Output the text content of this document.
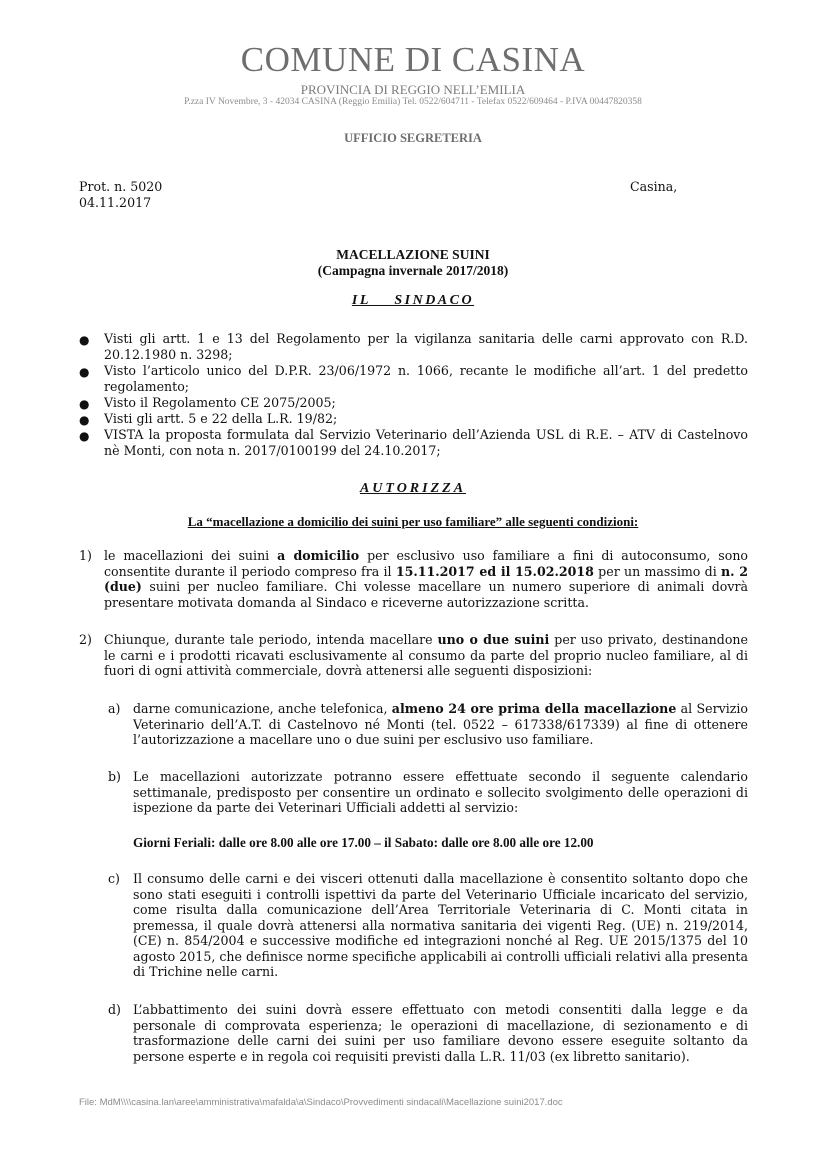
COMUNE DI CASINA
PROVINCIA DI REGGIO NELL’EMILIA
P.zza IV Novembre, 3 - 42034 CASINA (Reggio Emilia) Tel. 0522/604711 - Telefax 0522/609464 - P.IVA 00447820358
UFFICIO SEGRETERIA
Prot. n. 5020
04.11.2017
Casina,
MACELLAZIONE SUINI
(Campagna invernale 2017/2018)
IL    SINDACO
● Visti gli artt. 1 e 13 del Regolamento per la vigilanza sanitaria delle carni approvato con R.D. 20.12.1980 n. 3298;
● Visto l’articolo unico del D.P.R. 23/06/1972 n. 1066, recante le modifiche all’art. 1 del predetto regolamento;
● Visto il Regolamento CE 2075/2005;
● Visti gli artt. 5 e 22 della L.R. 19/82;
● VISTA la proposta formulata dal Servizio Veterinario dell’Azienda USL di R.E. – ATV di Castelnovo nè Monti, con nota n. 2017/0100199 del 24.10.2017;
AUTORIZZA
La “macellazione a domicilio dei suini per uso familiare” alle seguenti condizioni:
1) le macellazioni dei suini a domicilio per esclusivo uso familiare a fini di autoconsumo, sono consentite durante il periodo compreso fra il 15.11.2017 ed il 15.02.2018 per un massimo di n. 2 (due) suini per nucleo familiare. Chi volesse macellare un numero superiore di animali dovrà presentare motivata domanda al Sindaco e riceverne autorizzazione scritta.
2) Chiunque, durante tale periodo, intenda macellare uno o due suini per uso privato, destinandone le carni e i prodotti ricavati esclusivamente al consumo da parte del proprio nucleo familiare, al di fuori di ogni attività commerciale, dovrà attenersi alle seguenti disposizioni:
a) darne comunicazione, anche telefonica, almeno 24 ore prima della macellazione al Servizio Veterinario dell’A.T. di Castelnovo né Monti (tel. 0522 – 617338/617339) al fine di ottenere l’autorizzazione a macellare uno o due suini per esclusivo uso familiare.
b) Le macellazioni autorizzate potranno essere effettuate secondo il seguente calendario settimanale, predisposto per consentire un ordinato e sollecito svolgimento delle operazioni di ispezione da parte dei Veterinari Ufficiali addetti al servizio:
Giorni Feriali: dalle ore 8.00 alle ore 17.00 – il Sabato: dalle ore 8.00 alle ore 12.00
c) Il consumo delle carni e dei visceri ottenuti dalla macellazione è consentito soltanto dopo che sono stati eseguiti i controlli ispettivi da parte del Veterinario Ufficiale incaricato del servizio, come risulta dalla comunicazione dell’Area Territoriale Veterinaria di C. Monti citata in premessa, il quale dovrà attenersi alla normativa sanitaria dei vigenti Reg. (UE) n. 219/2014, (CE) n. 854/2004 e successive modifiche ed integrazioni nonché al Reg. UE 2015/1375 del 10 agosto 2015, che definisce norme specifiche applicabili ai controlli ufficiali relativi alla presenta di Trichine nelle carni.
d) L’abbattimento dei suini dovrà essere effettuato con metodi consentiti dalla legge e da personale di comprovata esperienza; le operazioni di macellazione, di sezionamento e di trasformazione delle carni dei suini per uso familiare devono essere eseguite soltanto da persone esperte e in regola coi requisiti previsti dalla L.R. 11/03 (ex libretto sanitario).
File: MdM\\\\casina.lan\aree\amministrativa\mafalda\a\Sindaco\Provvedimenti sindacali\Macellazione suini2017.doc
